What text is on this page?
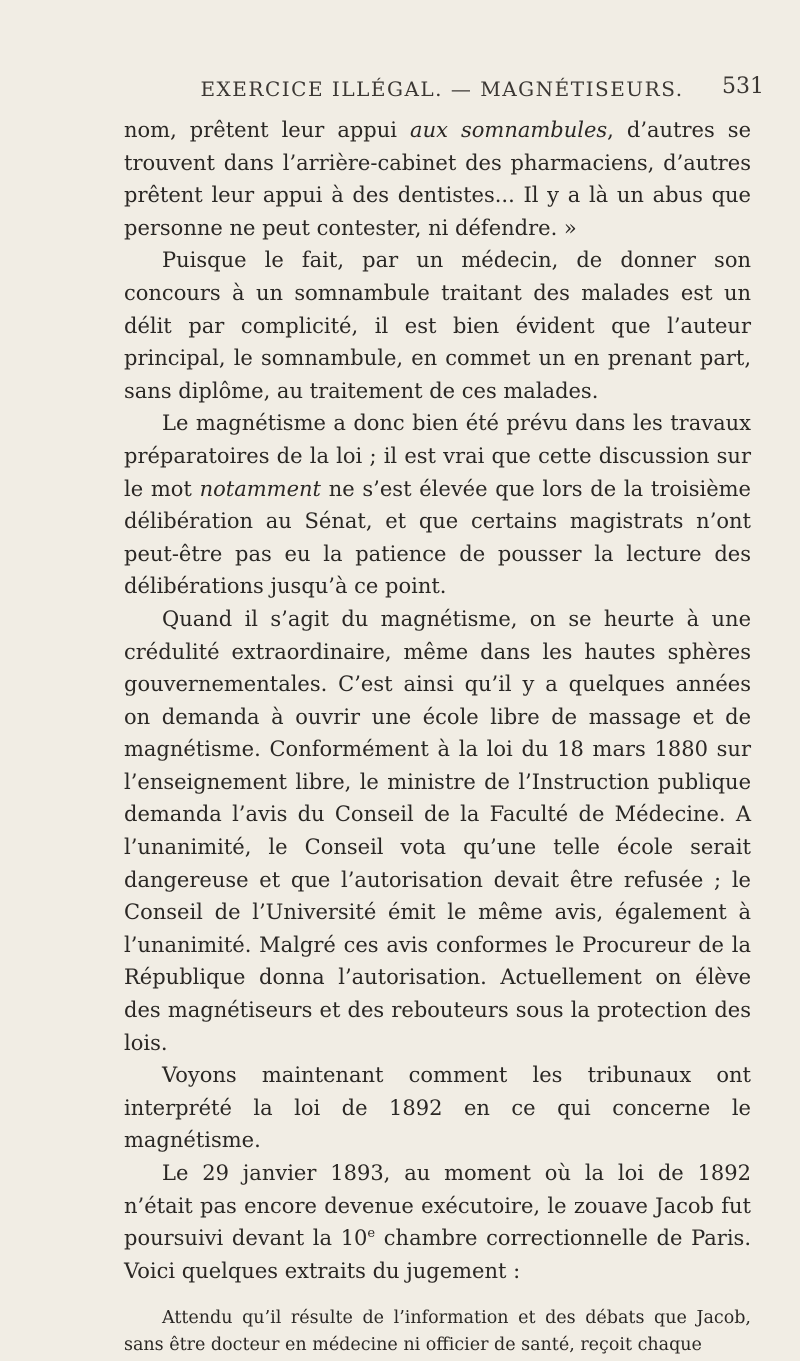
EXERCICE ILLÉGAL. — MAGNÉTISEURS. 531

nom, prêtent leur appui aux somnambules, d’autres se trouvent dans l’arrière-cabinet des pharmaciens, d’autres prêtent leur appui à des dentistes... Il y a là un abus que personne ne peut contester, ni défendre. »

Puisque le fait, par un médecin, de donner son concours à un somnambule traitant des malades est un délit par complicité, il est bien évident que l’auteur principal, le somnambule, en commet un en prenant part, sans diplôme, au traitement de ces malades.

Le magnétisme a donc bien été prévu dans les travaux préparatoires de la loi ; il est vrai que cette discussion sur le mot notamment ne s’est élevée que lors de la troisième délibération au Sénat, et que certains magistrats n’ont peut-être pas eu la patience de pousser la lecture des délibérations jusqu’à ce point.

Quand il s’agit du magnétisme, on se heurte à une crédulité extraordinaire, même dans les hautes sphères gouvernementales. C’est ainsi qu’il y a quelques années on demanda à ouvrir une école libre de massage et de magnétisme. Conformément à la loi du 18 mars 1880 sur l’enseignement libre, le ministre de l’Instruction publique demanda l’avis du Conseil de la Faculté de Médecine. A l’unanimité, le Conseil vota qu’une telle école serait dangereuse et que l’autorisation devait être refusée ; le Conseil de l’Université émit le même avis, également à l’unanimité. Malgré ces avis conformes le Procureur de la République donna l’autorisation. Actuellement on élève des magnétiseurs et des rebouteurs sous la protection des lois.

Voyons maintenant comment les tribunaux ont interprété la loi de 1892 en ce qui concerne le magnétisme.

Le 29 janvier 1893, au moment où la loi de 1892 n’était pas encore devenue exécutoire, le zouave Jacob fut poursuivi devant la 10e chambre correctionnelle de Paris. Voici quelques extraits du jugement :

Attendu qu’il résulte de l’information et des débats que Jacob, sans être docteur en médecine ni officier de santé, reçoit chaque
